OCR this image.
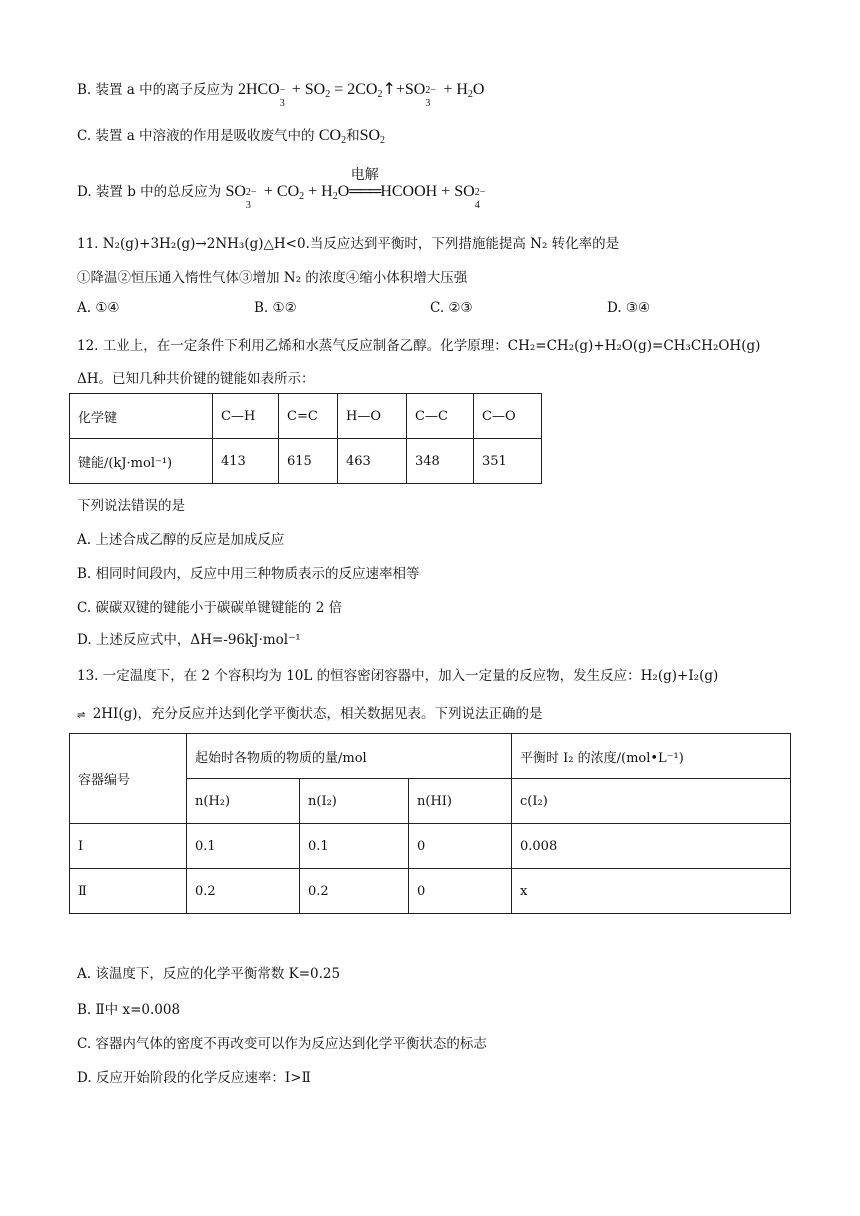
B. 装置 a 中的离子反应为 2HCO −
3
+ $SO_2$ = $2CO_2↑+SO$ 2−
3
+ $H_2O$
C. 装置 a 中溶液的作用是吸收废气中的 $CO_2$和$SO_2$
D. 装置 b 中的总反应为 SO 2−
3
+ $CO_2 + H_2O$
电解
═══HCOOH + SO 2−
4
11. N₂(g)+3H₂(g)→2NH₃(g)△H<0.当反应达到平衡时，下列措施能提高 N₂ 转化率的是
①降温②恒压通入惰性气体③增加 N₂ 的浓度④缩小体积增大压强
A. ①④	B. ①②	C. ②③	D. ③④
12. 工业上，在一定条件下利用乙烯和水蒸气反应制备乙醇。化学原理：CH₂=CH₂(g)+H₂O(g)=CH₃CH₂OH(g)
ΔH。已知几种共价键的键能如表所示：
化学键	C—H	C=C	H—O	C—C	C—O
键能/(kJ·mol⁻¹)	413	615	463	348	351
下列说法错误的是
A. 上述合成乙醇的反应是加成反应
B. 相同时间段内，反应中用三种物质表示的反应速率相等
C. 碳碳双键的键能小于碳碳单键键能的 2 倍
D. 上述反应式中，ΔH=-96kJ·mol⁻¹
13. 一定温度下，在 2 个容积均为 10L 的恒容密闭容器中，加入一定量的反应物，发生反应：H₂(g)+I₂(g)
⇌ 2HI(g)，充分反应并达到化学平衡状态，相关数据见表。下列说法正确的是
容器编号	起始时各物质的物质的量/mol			平衡时 I₂ 的浓度/(mol•L⁻¹)
	n(H₂)	n(I₂)	n(HI)	c(I₂)
I	0.1	0.1	0	0.008
Ⅱ	0.2	0.2	0	x
A. 该温度下，反应的化学平衡常数 K=0.25
B. Ⅱ中 x=0.008
C. 容器内气体的密度不再改变可以作为反应达到化学平衡状态的标志
D. 反应开始阶段的化学反应速率：I>Ⅱ
